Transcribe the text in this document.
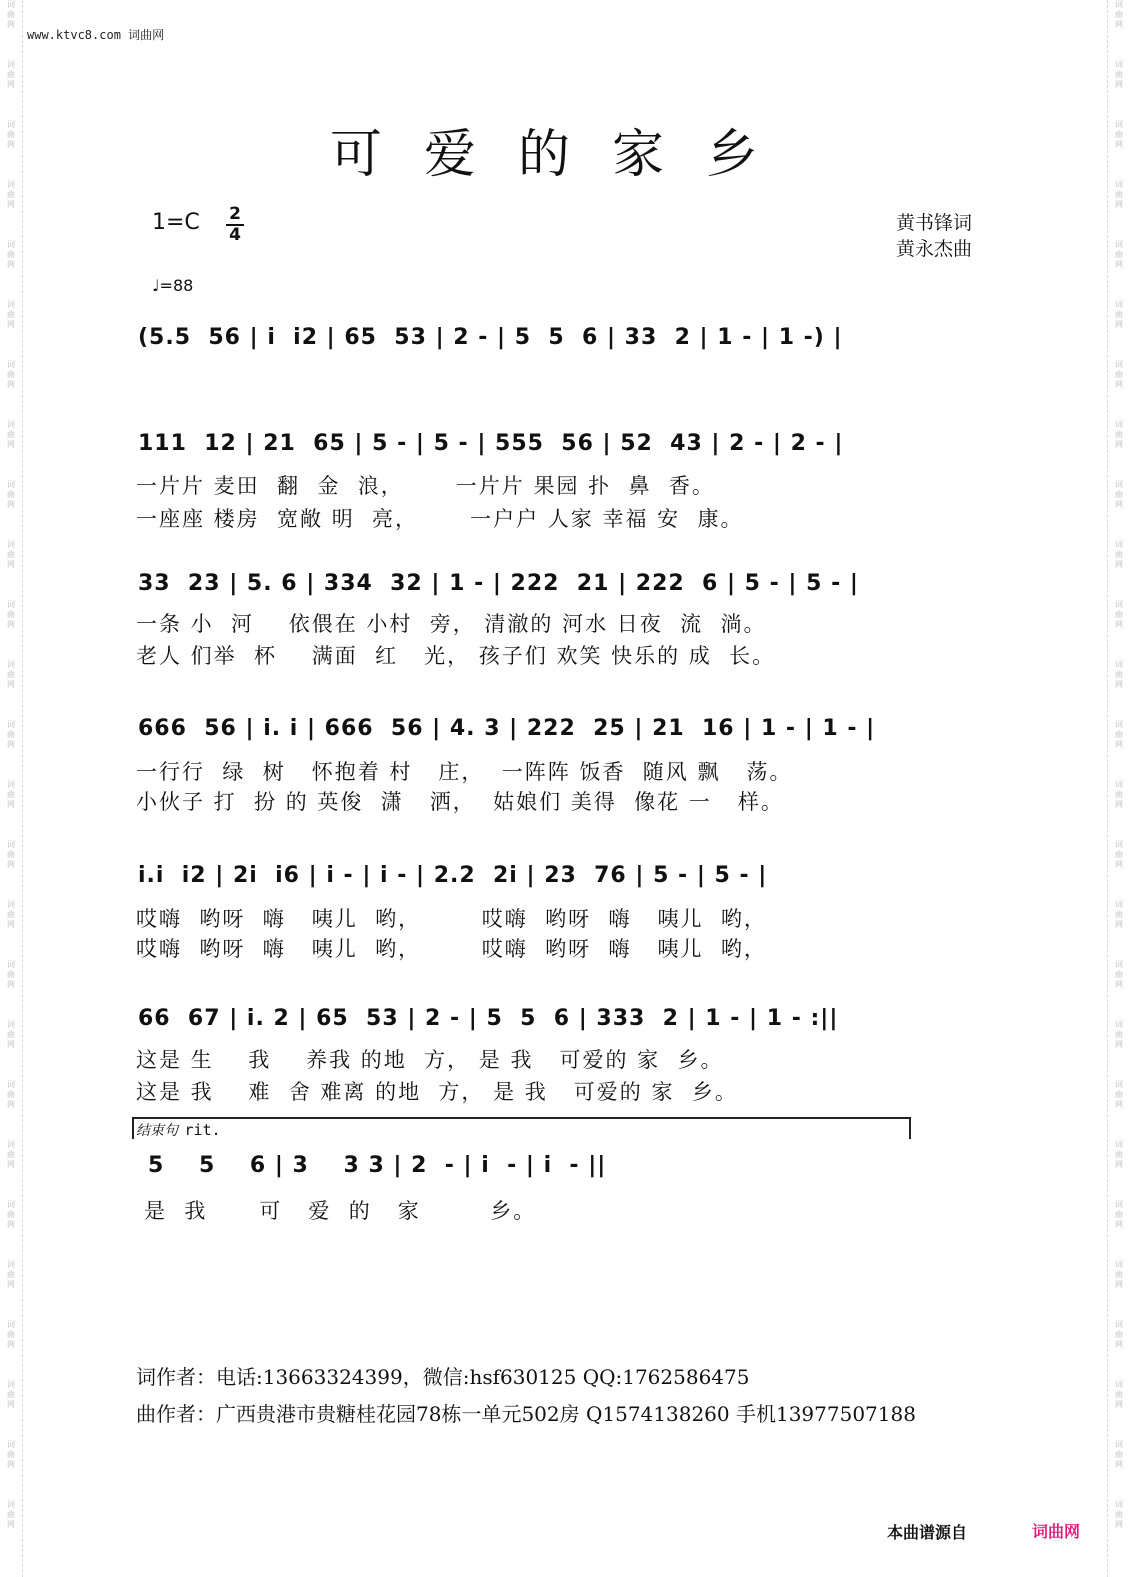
词曲网
词曲网
词曲网
词曲网
词曲网
词曲网
词曲网
词曲网
词曲网
词曲网
词曲网
词曲网
词曲网
词曲网
词曲网
词曲网
词曲网
词曲网
词曲网
词曲网
词曲网
词曲网
词曲网
词曲网
词曲网
词曲网
词曲网
词曲网
词曲网
词曲网
词曲网
词曲网
词曲网
词曲网
词曲网
词曲网
词曲网
词曲网
词曲网
词曲网
词曲网
词曲网
词曲网
词曲网
词曲网
词曲网
词曲网
词曲网
词曲网
词曲网
词曲网
词曲网
www.ktvc8.com 词曲网
可爱的家乡
1=C 2
4
♩=88
黄书锋词
黄永杰曲
(5.5  56 | i  i2 | 65  53 | 2 - | 5  5  6 | 33  2 | 1 - | 1 -) |
111  12 | 21  65 | 5 - | 5 - | 555  56 | 52  43 | 2 - | 2 - |
一片片 麦田  翻  金  浪，      一片片 果园 扑  鼻  香。
一座座 楼房  宽敞 明  亮，      一户户 人家 幸福 安  康。
33  23 | 5. 6 | 334  32 | 1 - | 222  21 | 222  6 | 5 - | 5 - |
一条 小  河    依偎在 小村  旁， 清澈的 河水 日夜  流  淌。
老人 们举  杯    满面  红   光， 孩子们 欢笑 快乐的 成  长。
666  56 | i. i | 666  56 | 4. 3 | 222  25 | 21  16 | 1 - | 1 - |
一行行  绿  树   怀抱着 村   庄，  一阵阵 饭香  随风 飘   荡。
小伙子 打  扮 的 英俊  潇   洒，  姑娘们 美得  像花 一   样。
i.i  i2 | 2i  i6 | i - | i - | 2.2  2i | 23  76 | 5 - | 5 - |
哎嗨  哟呀  嗨   咦儿  哟，       哎嗨  哟呀  嗨   咦儿  哟，
哎嗨  哟呀  嗨   咦儿  哟，       哎嗨  哟呀  嗨   咦儿  哟，
66  67 | i. 2 | 65  53 | 2 - | 5  5  6 | 333  2 | 1 - | 1 - :||
这是 生    我    养我 的地  方， 是 我   可爱的 家  乡。
这是 我    难  舍 难离 的地  方， 是 我   可爱的 家  乡。
结束句 rit.
5    5    6 | 3    3 3 | 2  - | i  - | i  - ||
是  我      可   爱  的   家        乡。
词作者：电话:13663324399，微信:hsf630125 QQ:1762586475
曲作者：广西贵港市贵糖桂花园78栋一单元502房 Q1574138260 手机13977507188
本曲谱源自	词曲网
